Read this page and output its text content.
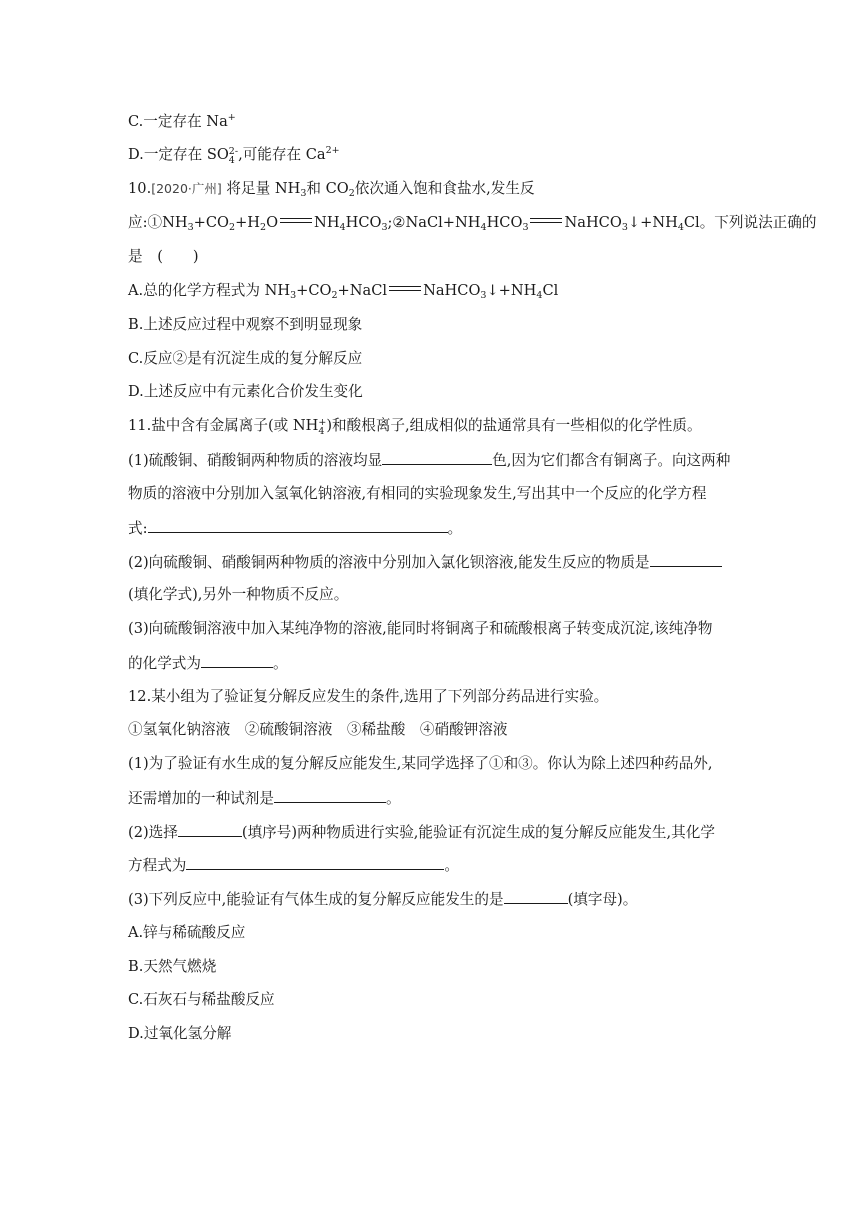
C.一定存在 Na+
D.一定存在 SO 2-
4 ,可能存在 $Ca^{2+}$
10.[2020·广州] 将足量 $NH_3$和 $CO_2$依次通入饱和食盐水,发生反
应$:①NH_3+CO_2+H_2O$ $NH_4HCO_3;②NaCl+NH_4HCO_3$ $NaHCO_3↓+NH_4Cl$。下列说法正确的
是　 ( )
A.总的化学方程式为 $NH_3+CO_2+NaCl$ $NaHCO_3↓+NH_4Cl$
B.上述反应过程中观察不到明显现象
C.反应②是有沉淀生成的复分解反应
D.上述反应中有元素化合价发生变化
11.盐中含有金属离子(或 NH +
4 )和酸根离子,组成相似的盐通常具有一些相似的化学性质。
(1)硫酸铜、硝酸铜两种物质的溶液均显	色,因为它们都含有铜离子。向这两种
物质的溶液中分别加入氢氧化钠溶液,有相同的实验现象发生,写出其中一个反应的化学方程
式:	。
(2)向硫酸铜、硝酸铜两种物质的溶液中分别加入氯化钡溶液,能发生反应的物质是
(填化学式),另外一种物质不反应。
(3)向硫酸铜溶液中加入某纯净物的溶液,能同时将铜离子和硫酸根离子转变成沉淀,该纯净物
的化学式为	。
12.某小组为了验证复分解反应发生的条件,选用了下列部分药品进行实验。
①氢氧化钠溶液　②硫酸铜溶液　③稀盐酸　④硝酸钾溶液
(1)为了验证有水生成的复分解反应能发生,某同学选择了①和③。你认为除上述四种药品外,
还需增加的一种试剂是	。
(2)选择	(填序号)两种物质进行实验,能验证有沉淀生成的复分解反应能发生,其化学
方程式为	。
(3)下列反应中,能验证有气体生成的复分解反应能发生的是	(填字母)。
A.锌与稀硫酸反应
B.天然气燃烧
C.石灰石与稀盐酸反应
D.过氧化氢分解
